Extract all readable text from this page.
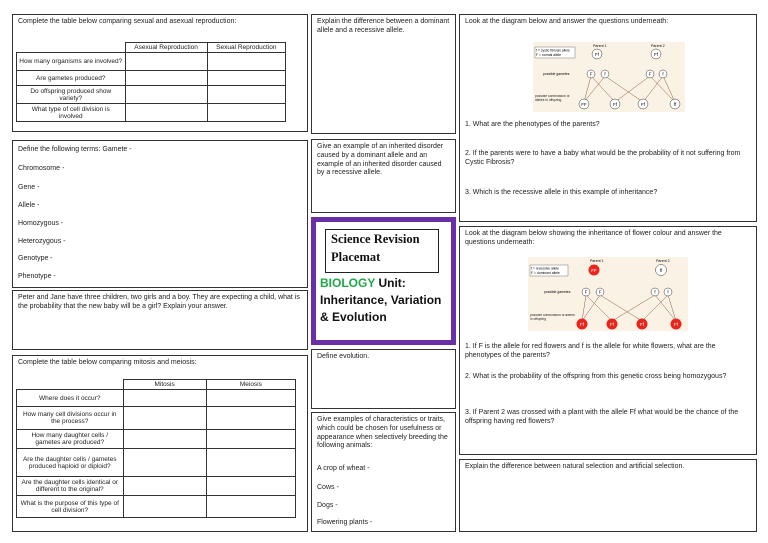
Complete the table below comparing sexual and asexual reproduction:
	Asexual Reproduction	Sexual Reproduction
How many organisms are involved?		
Are gametes produced?		
Do offspring produced show variety?		
What type of cell division is involved		
Define the following terms: Gamete -
Chromosome -
Gene -
Allele -
Homozygous -
Heterozygous -
Genotype -
Phenotype -
Peter and Jane have three children, two girls and a boy. They are expecting a child, what is the probability that the new baby will be a girl? Explain your answer.
Complete the table below comparing mitosis and meiosis:
	Mitosis	Meiosis
Where does it occur?		
How many cell divisions occur in the process?		
How many daughter cells / gametes are produced?		
Are the daughter cells / gametes produced haploid or diploid?		
Are the daughter cells identical or different to the original?		
What is the purpose of this type of cell division?		
Explain the difference between a dominant allele and a recessive allele.
Give an example of an inherited disorder caused by a dominant allele and an example of an inherited disorder caused by a recessive allele.
Science Revision
Placemat
BIOLOGY Unit:
Inheritance, Variation
& Evolution
Define evolution.
Give examples of characteristics or traits, which could be chosen for usefulness or appearance when selectively breeding the following animals:
A crop of wheat -
Cows -
Dogs -
Flowering plants -
Look at the diagram below and answer the questions underneath:
f = cystic fibrosis allele
F = normal allele
Parent 1	Parent 2
Ff	Ff
possible gametes	F	f	F	f
possible combination of alleles in offspring
FF	Ff	Ff	ff
1. What are the phenotypes of the parents?
2. If the parents were to have a baby what would be the probability of it not suffering from Cystic Fibrosis?
3. Which is the recessive allele in this example of inheritance?
Look at the diagram below showing the inheritance of flower colour and answer the questions underneath:
f = recessive allele
F = dominant allele
Parent 1	Parent 2
FF	ff
possible gametes	F	F	f	f
possible combination of alleles in offspring
Ff	Ff	Ff	Ff
1. If F is the allele for red flowers and f is the allele for white flowers, what are the phenotypes of the parents?
2. What is the probability of the offspring from this genetic cross being homozygous?
3. If Parent 2 was crossed with a plant with the allele Ff what would be the chance of the offspring having red flowers?
Explain the difference between natural selection and artificial selection.
